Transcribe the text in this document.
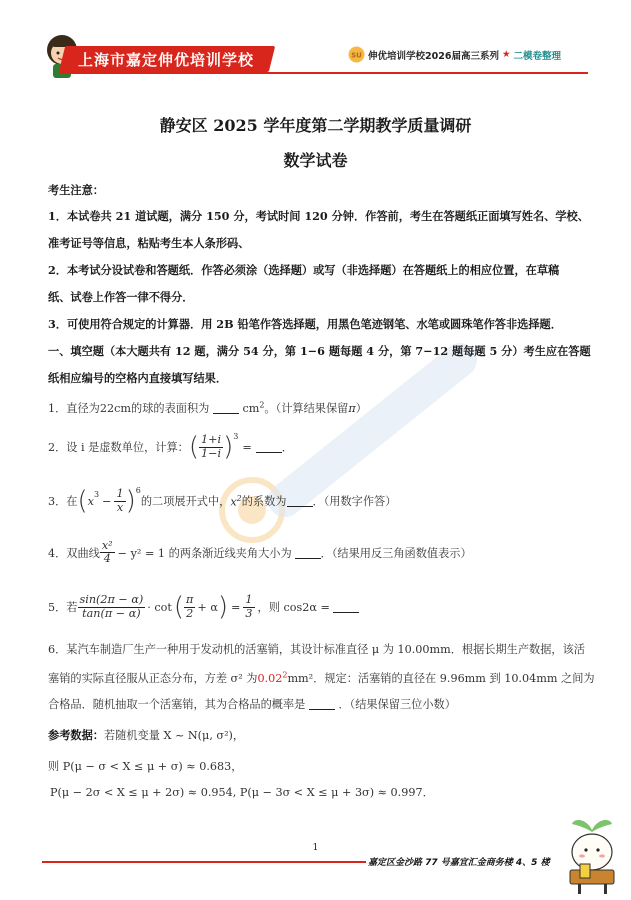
上海市嘉定伸优培训学校	SU 伸优培训学校2026届高三系列 ★ 二模卷整理
静安区 2025 学年度第二学期教学质量调研
数学试卷
考生注意：
1．本试卷共 21 道试题，满分 150 分，考试时间 120 分钟．作答前，考生在答题纸正面填写姓名、学校、
准考证号等信息，粘贴考生本人条形码、
2．本考试分设试卷和答题纸．作答必须涂（选择题）或写（非选择题）在答题纸上的相应位置，在草稿
纸、试卷上作答一律不得分．
3．可使用符合规定的计算器．用 2B 铅笔作答选择题，用黑色笔迹钢笔、水笔或圆珠笔作答非选择题．
一、填空题（本大题共有 12 题，满分 54 分，第 1−6 题每题 4 分，第 7−12 题每题 5 分）考生应在答题
纸相应编号的空格内直接填写结果．
1．直径为22cm的球的表面积为	$cm^2$。（计算结果保留π）
2．设 i 是虚数单位，计算： ( $\frac{1+i}{1-i} )^3$
=	．
3．在 ( $x^3 - \frac{1}{x} )^6$
的二项展开式中， $x^2$ 的系数为 ．（用数字作答）
4．双曲线 $\frac{\text{x²}}{4} - y^2 = 1$ 的两条渐近线夹角大小为	．（结果用反三角函数值表示）
5．若 $\frac{\sin(2\pi - \alpha)}{\tan(\pi - \alpha)} \cdot \cot$ ( $\frac{\pi}{2} + \alpha$ ) = $\frac{1}{3}$ ，则 cos2α =
6．某汽车制造厂生产一种用于发动机的活塞销，其设计标准直径 μ 为 10.00mm．根据长期生产数据，该活
塞销的实际直径服从正态分布，方差 σ² 为0.02$^2$mm²．规定：活塞销的直径在 9.96mm 到 10.04mm 之间为
合格品．随机抽取一个活塞销，其为合格品的概率是	．（结果保留三位小数）
参考数据：若随机变量 X ~ N(μ, σ²)，
则 P(μ − σ < X ≤ μ + σ) ≈ 0.683，
P(μ − 2σ < X ≤ μ + 2σ) ≈ 0.954, P(μ − 3σ < X ≤ μ + 3σ) ≈ 0.997．
1
嘉定区金沙路 77 号嘉宜汇金商务楼 4、5 楼
